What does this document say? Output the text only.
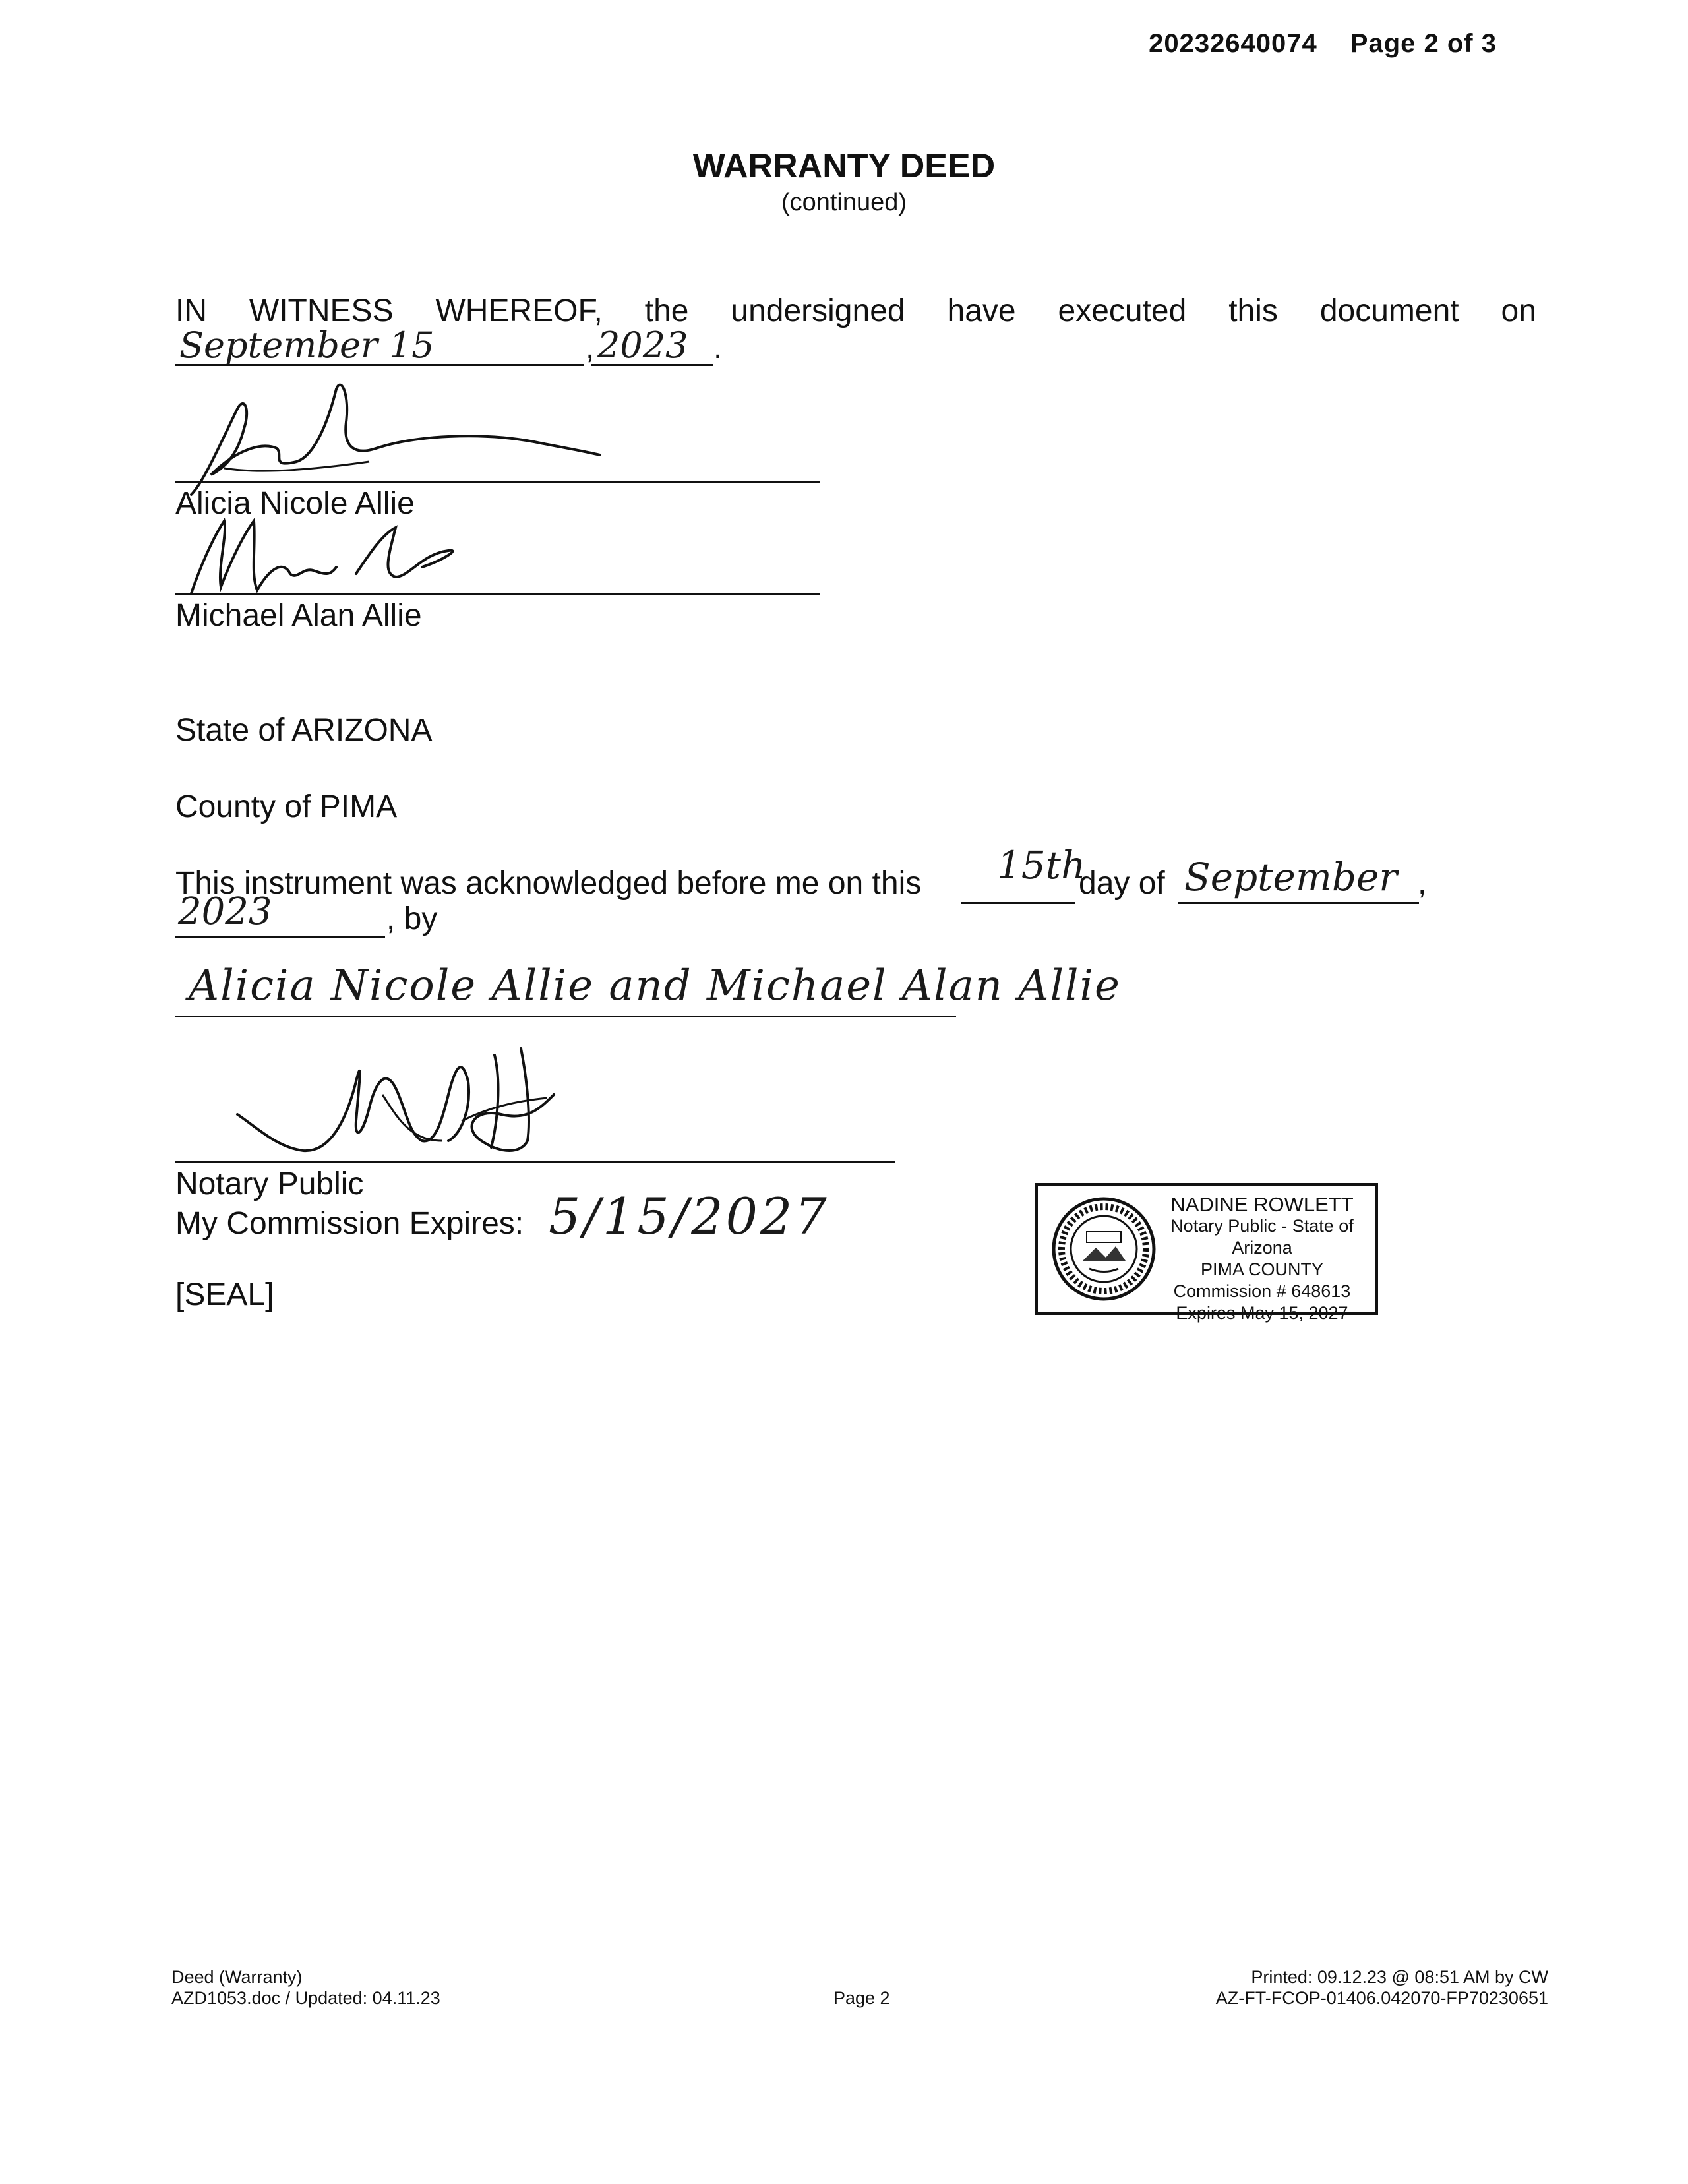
20232640074 Page 2 of 3
WARRANTY DEED
(continued)
IN WITNESS WHEREOF, the undersigned have executed this document on
September 15	, 2023 .
Alicia Nicole Allie
Michael Alan Allie
State of ARIZONA
County of PIMA
This instrument was acknowledged before me on this 15th
day of September ,
2023	, by
Alicia Nicole Allie and Michael Alan Allie
Notary Public
My Commission Expires: 5/15/2027
[SEAL]
NADINE ROWLETT
Notary Public - State of Arizona
PIMA COUNTY
Commission # 648613
Expires May 15, 2027
Deed (Warranty)
AZD1053.doc / Updated: 04.11.23	Page 2
Printed: 09.12.23 @ 08:51 AM by CW
AZ-FT-FCOP-01406.042070-FP70230651
